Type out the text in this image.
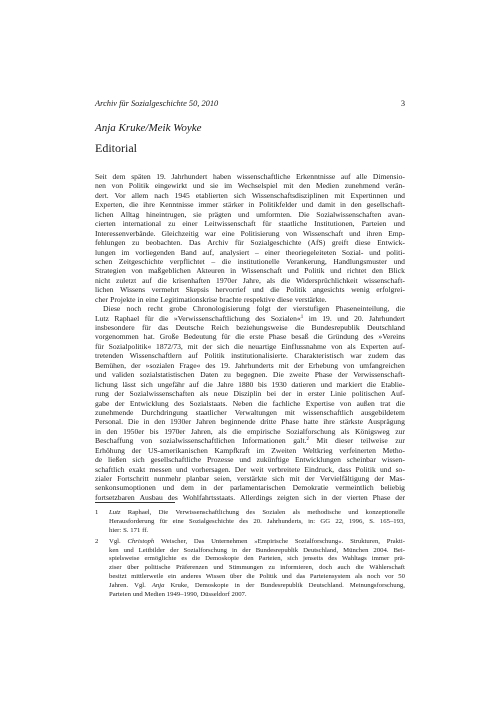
Archiv für Sozialgeschichte 50, 2010	3
Anja Kruke/Meik Woyke
Editorial
Seit dem späten 19. Jahrhundert haben wissenschaftliche Erkenntnisse auf alle Dimensio-
nen von Politik eingewirkt und sie im Wechselspiel mit den Medien zunehmend verän-
dert. Vor allem nach 1945 etablierten sich Wissenschaftsdisziplinen mit Expertinnen und
Experten, die ihre Kenntnisse immer stärker in Politikfelder und damit in den gesellschaft-
lichen Alltag hineintrugen, sie prägten und umformten. Die Sozialwissenschaften avan-
cierten international zu einer Leitwissenschaft für staatliche Institutionen, Parteien und
Interessenverbände. Gleichzeitig war eine Politisierung von Wissenschaft und ihren Emp-
fehlungen zu beobachten. Das Archiv für Sozialgeschichte (AfS) greift diese Entwick-
lungen im vorliegenden Band auf, analysiert – einer theoriegeleiteten Sozial- und politi-
schen Zeitgeschichte verpflichtet – die institutionelle Verankerung, Handlungsmuster und
Strategien von maßgeblichen Akteuren in Wissenschaft und Politik und richtet den Blick
nicht zuletzt auf die krisenhaften 1970er Jahre, als die Widersprüchlichkeit wissenschaft-
lichen Wissens vermehrt Skepsis hervorrief und die Politik angesichts wenig erfolgrei-
cher Projekte in eine Legitimationskrise brachte respektive diese verstärkte.
Diese noch recht grobe Chronologisierung folgt der vierstufigen Phaseneinteilung, die
Lutz Raphael für die »Verwissenschaftlichung des Sozialen«$^1$ im 19. und 20. Jahrhundert
insbesondere für das Deutsche Reich beziehungsweise die Bundesrepublik Deutschland
vorgenommen hat. Große Bedeutung für die erste Phase besaß die Gründung des »Vereins
für Sozialpolitik« 1872/73, mit der sich die neuartige Einflussnahme von als Experten auf-
tretenden Wissenschaftlern auf Politik institutionalisierte. Charakteristisch war zudem das
Bemühen, der »sozialen Frage« des 19. Jahrhunderts mit der Erhebung von umfangreichen
und validen sozialstatistischen Daten zu begegnen. Die zweite Phase der Verwissenschaft-
lichung lässt sich ungefähr auf die Jahre 1880 bis 1930 datieren und markiert die Etablie-
rung der Sozialwissenschaften als neue Disziplin bei der in erster Linie politischen Auf-
gabe der Entwicklung des Sozialstaats. Neben die fachliche Expertise von außen trat die
zunehmende Durchdringung staatlicher Verwaltungen mit wissenschaftlich ausgebildetem
Personal. Die in den 1930er Jahren beginnende dritte Phase hatte ihre stärkste Ausprägung
in den 1950er bis 1970er Jahren, als die empirische Sozialforschung als Königsweg zur
Beschaffung von sozialwissenschaftlichen Informationen galt.$^2$ Mit dieser teilweise zur
Erhöhung der US-amerikanischen Kampfkraft im Zweiten Weltkrieg verfeinerten Metho-
de ließen sich gesellschaftliche Prozesse und zukünftige Entwicklungen scheinbar wissen-
schaftlich exakt messen und vorhersagen. Der weit verbreitete Eindruck, dass Politik und so-
zialer Fortschritt nunmehr planbar seien, verstärkte sich mit der Vervielfältigung der Mas-
senkonsumoptionen und dem in der parlamentarischen Demokratie vermeintlich beliebig
fortsetzbaren Ausbau des Wohlfahrtsstaats. Allerdings zeigten sich in der vierten Phase der
1 Lutz Raphael, Die Verwissenschaftlichung des Sozialen als methodische und konzeptionelle
Herausforderung für eine Sozialgeschichte des 20. Jahrhunderts, in: GG 22, 1996, S. 165–193,
hier: S. 171 ff.
2 Vgl. Christoph Weischer, Das Unternehmen »Empirische Sozialforschung«. Strukturen, Prakti-
ken und Leitbilder der Sozialforschung in der Bundesrepublik Deutschland, München 2004. Bei-
spielsweise ermöglichte es die Demoskopie den Parteien, sich jenseits des Wahltags immer prä-
ziser über politische Präferenzen und Stimmungen zu informieren, doch auch die Wählerschaft
besitzt mittlerweile ein anderes Wissen über die Politik und das Parteiensystem als noch vor 50
Jahren. Vgl. Anja Kruke, Demoskopie in der Bundesrepublik Deutschland. Meinungsforschung,
Parteien und Medien 1949–1990, Düsseldorf 2007.
